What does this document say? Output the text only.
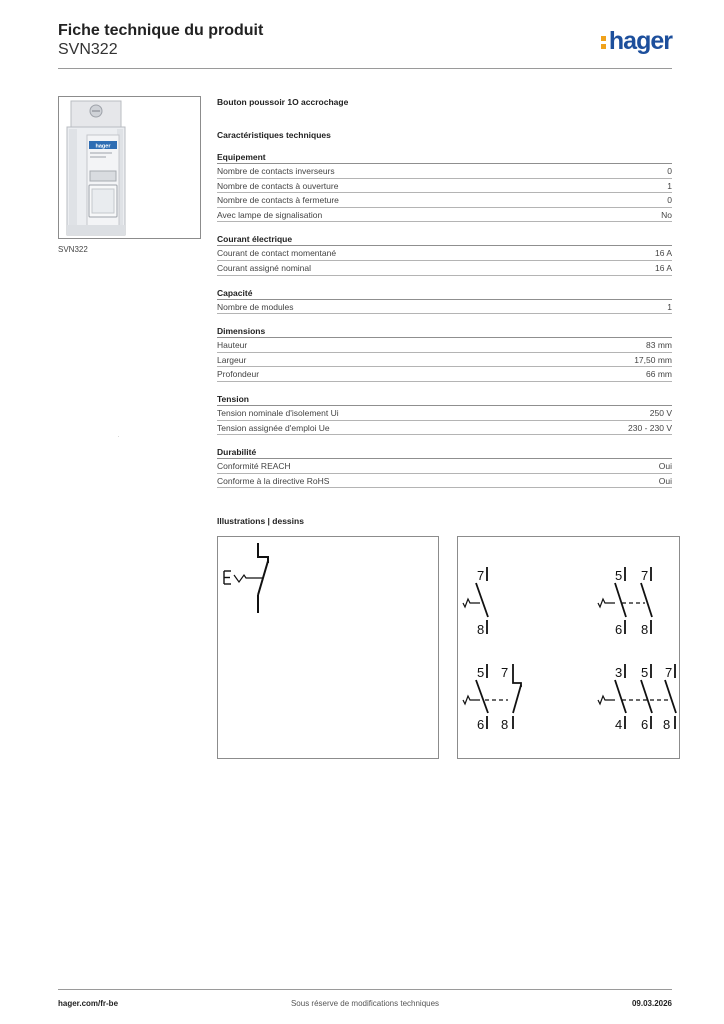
Fiche technique du produit
SVN322	hager
hager
SVN322
Bouton poussoir 1O accrochage
Caractéristiques techniques
Equipement
Nombre de contacts inverseurs	0
Nombre de contacts à ouverture	1
Nombre de contacts à fermeture	0
Avec lampe de signalisation	No
Courant électrique
Courant de contact momentané	16 A
Courant assigné nominal	16 A
Capacité
Nombre de modules	1
Dimensions
Hauteur	83 mm
Largeur	17,50 mm
Profondeur	66 mm
Tension
Tension nominale d'isolement Ui	250 V
Tension assignée d'emploi Ue	230 - 230 V
Durabilité
Conformité REACH	Oui
Conforme à la directive RoHS	Oui
Illustrations | dessins
E
7
8
5 7
6 8
5 7
6 8
3 5 7
4 6 8
hager.com/fr-be	Sous réserve de modifications techniques	09.03.2026
